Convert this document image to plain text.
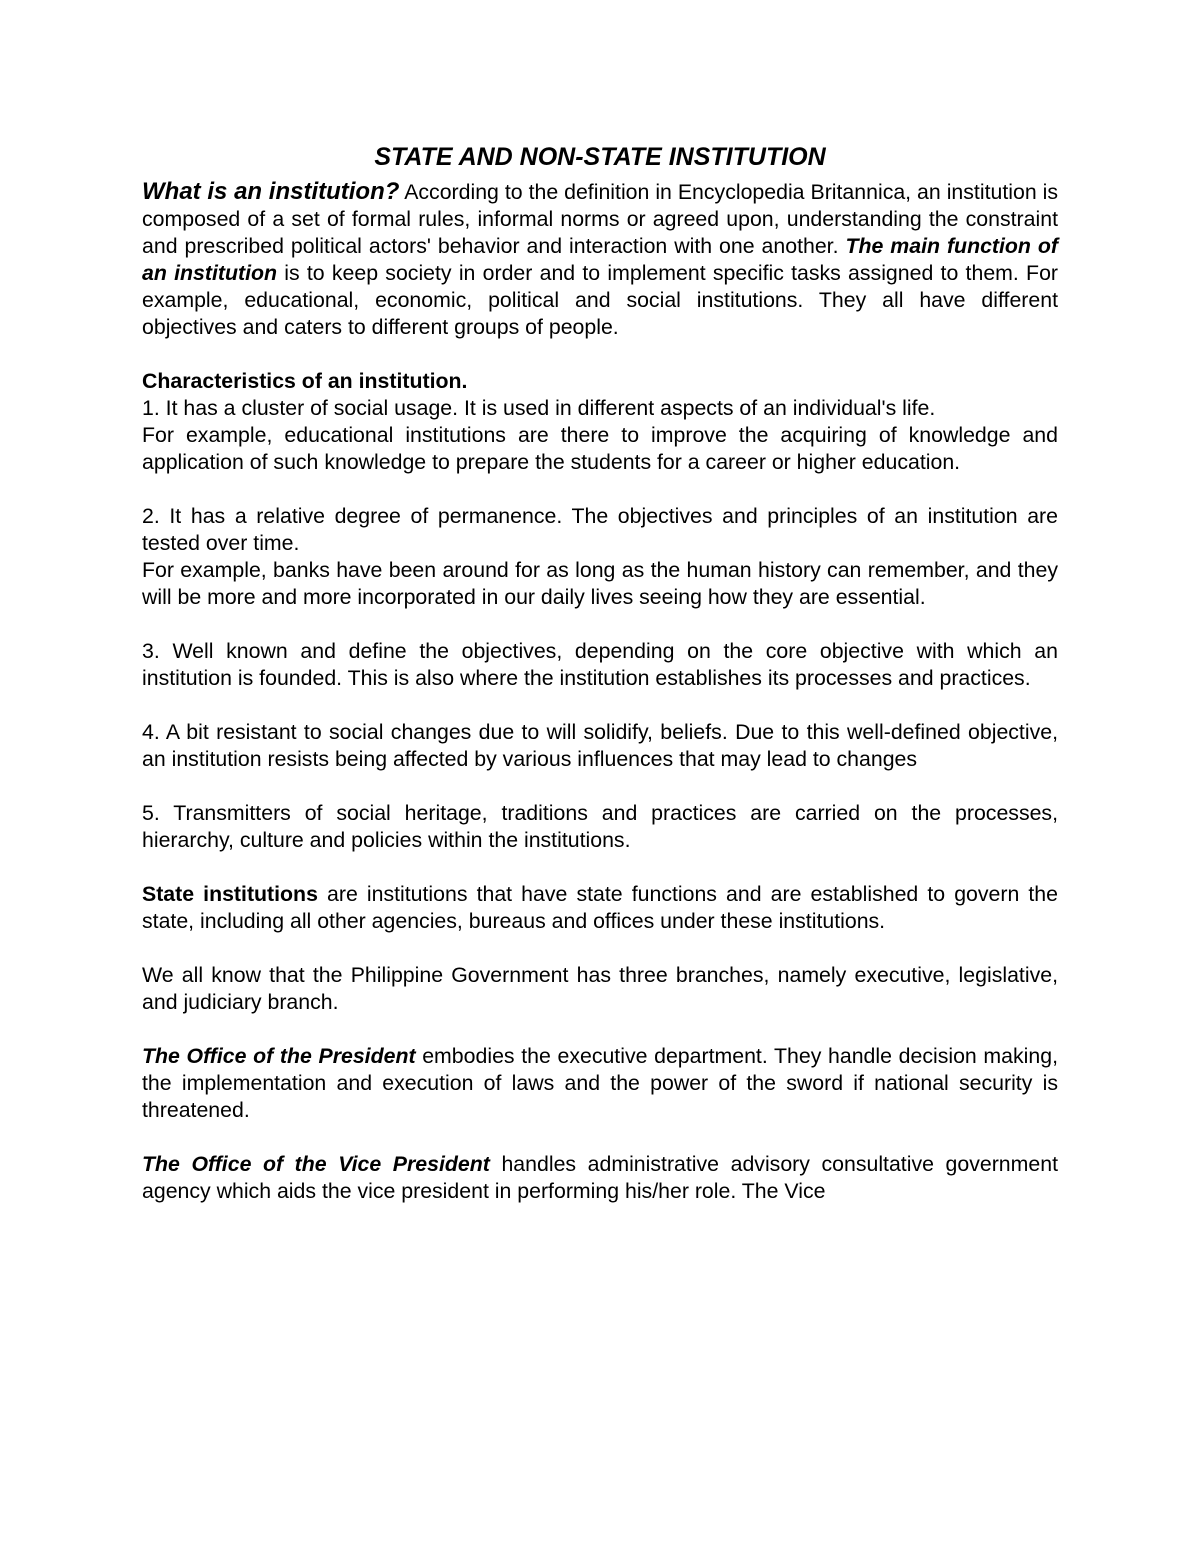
STATE AND NON-STATE INSTITUTION

What is an institution? According to the definition in Encyclopedia Britannica, an institution is composed of a set of formal rules, informal norms or agreed upon, understanding the constraint and prescribed political actors' behavior and interaction with one another. The main function of an institution is to keep society in order and to implement specific tasks assigned to them. For example, educational, economic, political and social institutions. They all have different objectives and caters to different groups of people.

Characteristics of an institution.

1. It has a cluster of social usage. It is used in different aspects of an individual's life.

For example, educational institutions are there to improve the acquiring of knowledge and application of such knowledge to prepare the students for a career or higher education.

2. It has a relative degree of permanence. The objectives and principles of an institution are tested over time.

For example, banks have been around for as long as the human history can remember, and they will be more and more incorporated in our daily lives seeing how they are essential.

3. Well known and define the objectives, depending on the core objective with which an institution is founded. This is also where the institution establishes its processes and practices.

4. A bit resistant to social changes due to will solidify, beliefs. Due to this well-defined objective, an institution resists being affected by various influences that may lead to changes

5. Transmitters of social heritage, traditions and practices are carried on the processes, hierarchy, culture and policies within the institutions.

State institutions are institutions that have state functions and are established to govern the state, including all other agencies, bureaus and offices under these institutions.

We all know that the Philippine Government has three branches, namely executive, legislative, and judiciary branch.

The Office of the President embodies the executive department. They handle decision making, the implementation and execution of laws and the power of the sword if national security is threatened.

The Office of the Vice President handles administrative advisory consultative government agency which aids the vice president in performing his/her role. The Vice
